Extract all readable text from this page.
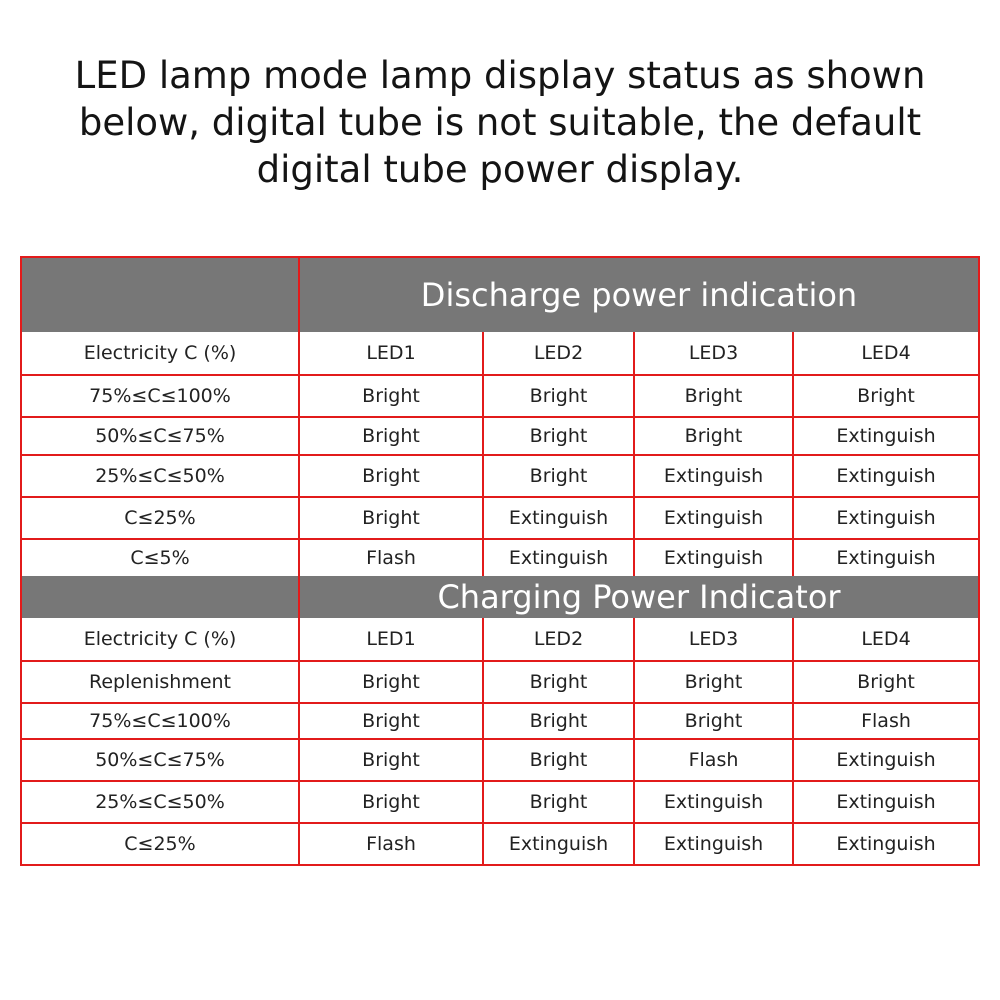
LED lamp mode lamp display status as shown
below, digital tube is not suitable, the default
digital tube power display.
Discharge power indication
Electricity C (%)	LED1	LED2	LED3	LED4
75%≤C≤100%	Bright	Bright	Bright	Bright
50%≤C≤75%	Bright	Bright	Bright	Extinguish
25%≤C≤50%	Bright	Bright	Extinguish	Extinguish
C≤25%	Bright	Extinguish	Extinguish	Extinguish
C≤5%	Flash	Extinguish	Extinguish	Extinguish
Charging Power Indicator
Electricity C (%)	LED1	LED2	LED3	LED4
Replenishment	Bright	Bright	Bright	Bright
75%≤C≤100%	Bright	Bright	Bright	Flash
50%≤C≤75%	Bright	Bright	Flash	Extinguish
25%≤C≤50%	Bright	Bright	Extinguish	Extinguish
C≤25%	Flash	Extinguish	Extinguish	Extinguish
